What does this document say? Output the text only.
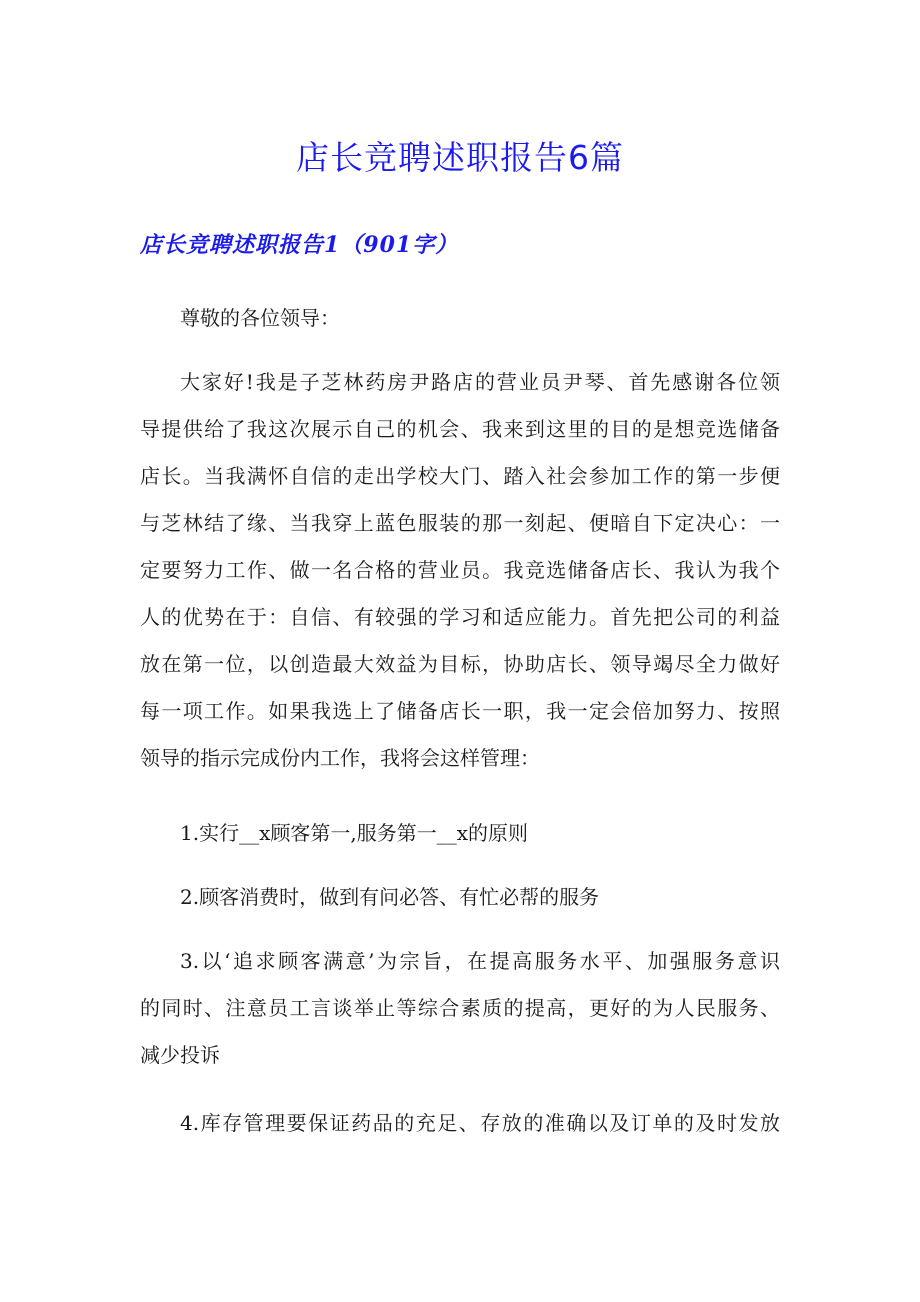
店长竞聘述职报告6篇
店长竞聘述职报告1（901字）
尊敬的各位领导：
大家好!我是子芝林药房尹路店的营业员尹琴、首先感谢各位领
导提供给了我这次展示自己的机会、我来到这里的目的是想竞选储备
店长。当我满怀自信的走出学校大门、踏入社会参加工作的第一步便
与芝林结了缘、当我穿上蓝色服装的那一刻起、便暗自下定决心：一
定要努力工作、做一名合格的营业员。我竞选储备店长、我认为我个
人的优势在于：自信、有较强的学习和适应能力。首先把公司的利益
放在第一位，以创造最大效益为目标，协助店长、领导竭尽全力做好
每一项工作。如果我选上了储备店长一职，我一定会倍加努力、按照
领导的指示完成份内工作，我将会这样管理：
1.实行__x顾客第一,服务第一__x的原则
2.顾客消费时，做到有问必答、有忙必帮的服务
3.以‘追求顾客满意’为宗旨，在提高服务水平、加强服务意识
的同时、注意员工言谈举止等综合素质的提高，更好的为人民服务、
减少投诉
4.库存管理要保证药品的充足、存放的准确以及订单的及时发放
